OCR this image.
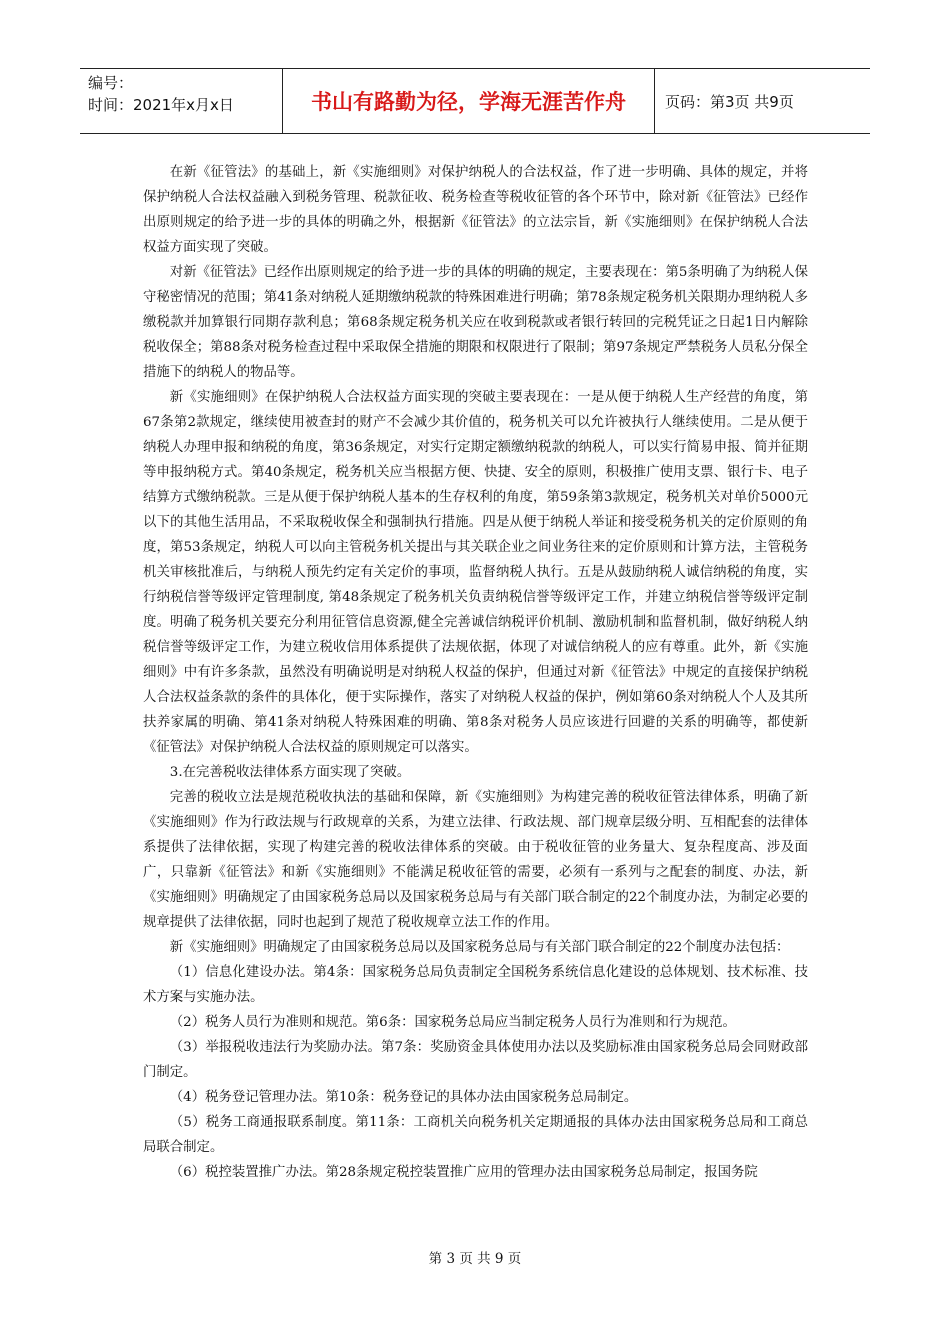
编号：
时间：2021年x月x日	书山有路勤为径，学海无涯苦作舟	页码：第3页 共9页

在新《征管法》的基础上，新《实施细则》对保护纳税人的合法权益，作了进一步明确、具体的规定，并将保护纳税人合法权益融入到税务管理、税款征收、税务检查等税收征管的各个环节中，除对新《征管法》已经作出原则规定的给予进一步的具体的明确之外，根据新《征管法》的立法宗旨，新《实施细则》在保护纳税人合法权益方面实现了突破。

对新《征管法》已经作出原则规定的给予进一步的具体的明确的规定，主要表现在：第5条明确了为纳税人保守秘密情况的范围；第41条对纳税人延期缴纳税款的特殊困难进行明确；第78条规定税务机关限期办理纳税人多缴税款并加算银行同期存款利息；第68条规定税务机关应在收到税款或者银行转回的完税凭证之日起1日内解除税收保全；第88条对税务检查过程中采取保全措施的期限和权限进行了限制；第97条规定严禁税务人员私分保全措施下的纳税人的物品等。

新《实施细则》在保护纳税人合法权益方面实现的突破主要表现在：一是从便于纳税人生产经营的角度，第67条第2款规定，继续使用被查封的财产不会减少其价值的，税务机关可以允许被执行人继续使用。二是从便于纳税人办理申报和纳税的角度，第36条规定，对实行定期定额缴纳税款的纳税人，可以实行简易申报、简并征期等申报纳税方式。第40条规定，税务机关应当根据方便、快捷、安全的原则，积极推广使用支票、银行卡、电子结算方式缴纳税款。三是从便于保护纳税人基本的生存权利的角度，第59条第3款规定，税务机关对单价5000元以下的其他生活用品，不采取税收保全和强制执行措施。四是从便于纳税人举证和接受税务机关的定价原则的角度，第53条规定，纳税人可以向主管税务机关提出与其关联企业之间业务往来的定价原则和计算方法，主管税务机关审核批准后，与纳税人预先约定有关定价的事项，监督纳税人执行。五是从鼓励纳税人诚信纳税的角度，实行纳税信誉等级评定管理制度, 第48条规定了税务机关负责纳税信誉等级评定工作，并建立纳税信誉等级评定制度。明确了税务机关要充分利用征管信息资源,健全完善诚信纳税评价机制、激励机制和监督机制，做好纳税人纳税信誉等级评定工作，为建立税收信用体系提供了法规依据，体现了对诚信纳税人的应有尊重。此外，新《实施细则》中有许多条款，虽然没有明确说明是对纳税人权益的保护，但通过对新《征管法》中规定的直接保护纳税人合法权益条款的条件的具体化，便于实际操作，落实了对纳税人权益的保护，例如第60条对纳税人个人及其所扶养家属的明确、第41条对纳税人特殊困难的明确、第8条对税务人员应该进行回避的关系的明确等，都使新《征管法》对保护纳税人合法权益的原则规定可以落实。

3.在完善税收法律体系方面实现了突破。

完善的税收立法是规范税收执法的基础和保障，新《实施细则》为构建完善的税收征管法律体系，明确了新《实施细则》作为行政法规与行政规章的关系，为建立法律、行政法规、部门规章层级分明、互相配套的法律体系提供了法律依据，实现了构建完善的税收法律体系的突破。由于税收征管的业务量大、复杂程度高、涉及面广，只靠新《征管法》和新《实施细则》不能满足税收征管的需要，必须有一系列与之配套的制度、办法，新《实施细则》明确规定了由国家税务总局以及国家税务总局与有关部门联合制定的22个制度办法，为制定必要的规章提供了法律依据，同时也起到了规范了税收规章立法工作的作用。

新《实施细则》明确规定了由国家税务总局以及国家税务总局与有关部门联合制定的22个制度办法包括：

（1）信息化建设办法。第4条：国家税务总局负责制定全国税务系统信息化建设的总体规划、技术标准、技术方案与实施办法。

（2）税务人员行为准则和规范。第6条：国家税务总局应当制定税务人员行为准则和行为规范。

（3）举报税收违法行为奖励办法。第7条：奖励资金具体使用办法以及奖励标准由国家税务总局会同财政部门制定。

（4）税务登记管理办法。第10条：税务登记的具体办法由国家税务总局制定。

（5）税务工商通报联系制度。第11条：工商机关向税务机关定期通报的具体办法由国家税务总局和工商总局联合制定。

（6）税控装置推广办法。第28条规定税控装置推广应用的管理办法由国家税务总局制定，报国务院

第 3 页 共 9 页
